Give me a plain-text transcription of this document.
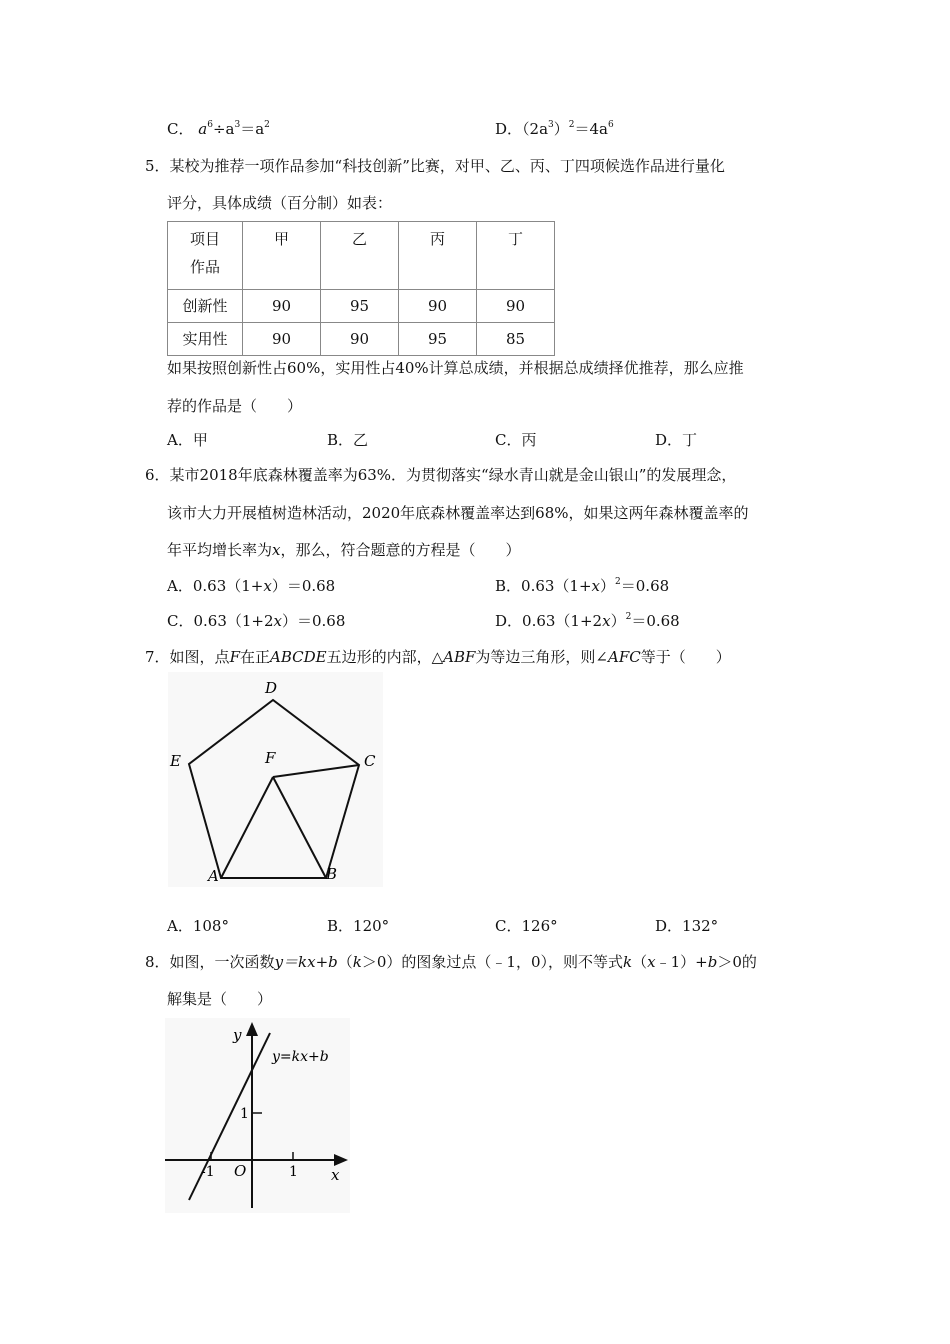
C． $a^6\div a^3=a^2$	D．$(2a^3)^2=4a^6$
5．某校为推荐一项作品参加“科技创新”比赛，对甲、乙、丙、丁四项候选作品进行量化
评分，具体成绩（百分制）如表：
项目
作品	甲	乙	丙	丁
创新性	90	95	90	90
实用性	90	90	95	85
如果按照创新性占60%，实用性占40%计算总成绩，并根据总成绩择优推荐，那么应推
荐的作品是（　　）
A．甲	B．乙	C．丙	D．丁
6．某市2018年底森林覆盖率为63%．为贯彻落实“绿水青山就是金山银山”的发展理念，
该市大力开展植树造林活动，2020年底森林覆盖率达到68%，如果这两年森林覆盖率的
年平均增长率为x，那么，符合题意的方程是（　　）
A．0.63（1+x）＝0.68	B．$0.63(1+x)^2=0.68$
C．0.63（1+2x）＝0.68	D．$0.63(1+2x)^2=0.68$
7．如图，点F在正ABCDE五边形的内部，△ABF为等边三角形，则∠AFC等于（　　）
D
E	F	C
A	B
A．108°	B．120°	C．126°	D．132°
8．如图，一次函数y＝kx+b（k＞0）的图象过点（﹣1，0），则不等式k（x﹣1）+b＞0的
解集是（　　）
y
x
O	1
1
-1
y=kx+b
